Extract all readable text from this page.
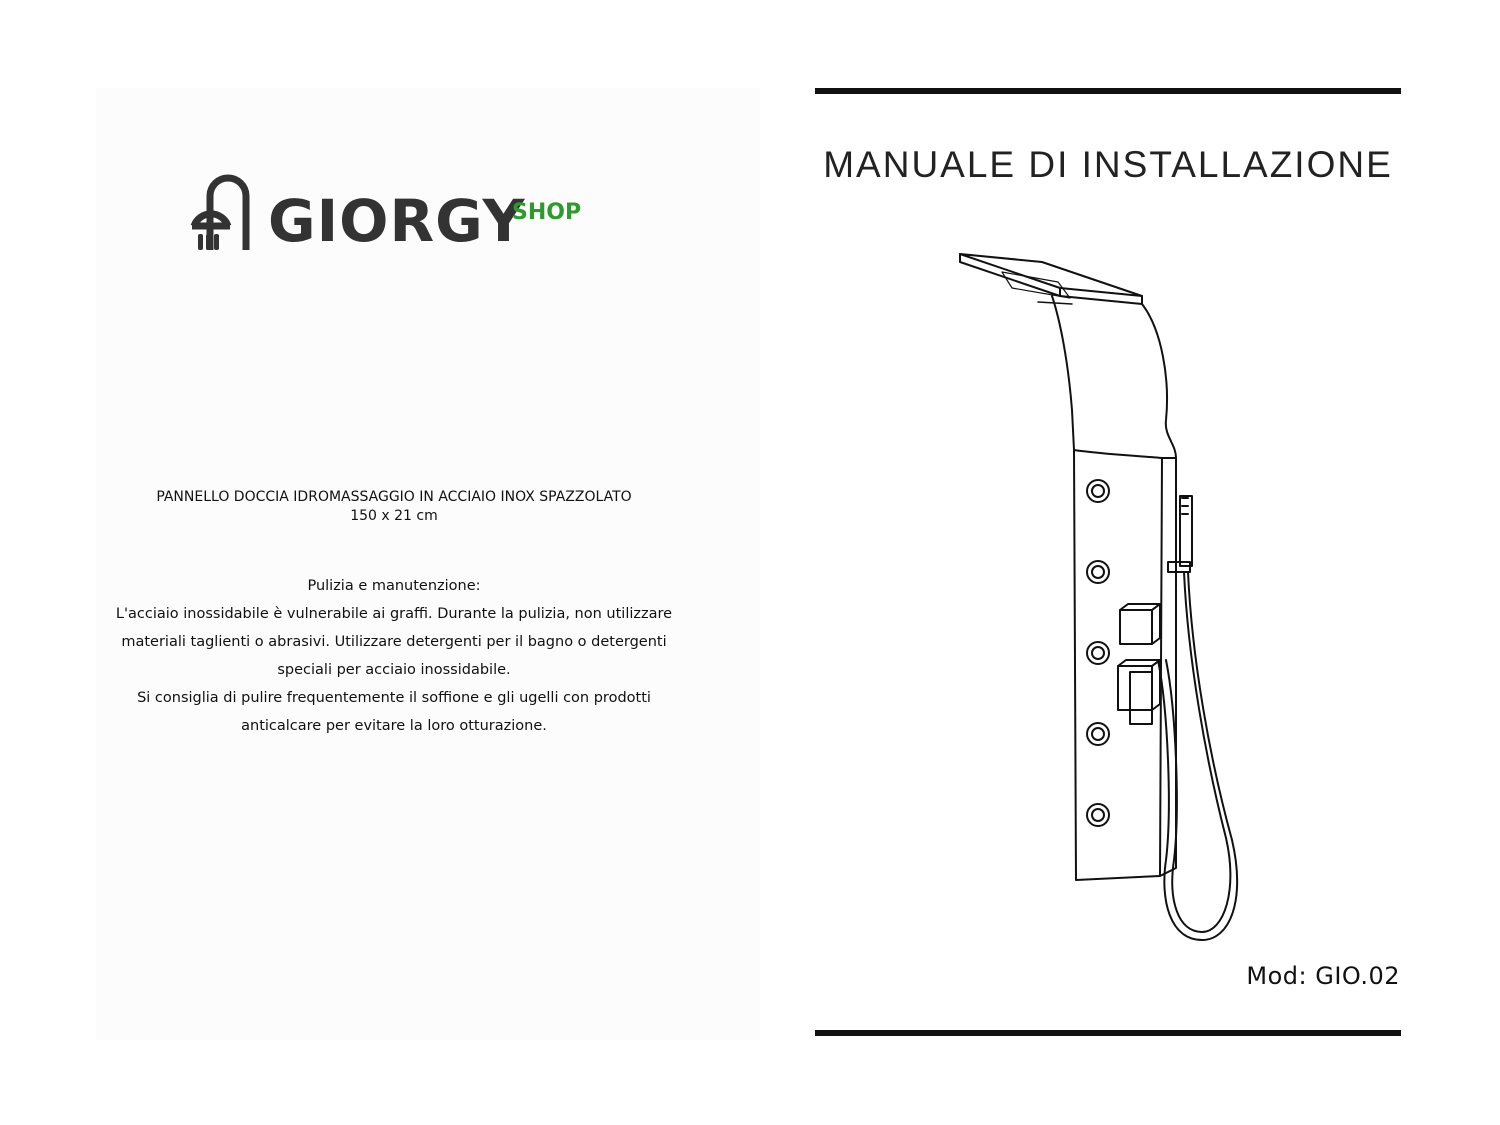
GIORGY
SHOP
PANNELLO DOCCIA IDROMASSAGGIO IN ACCIAIO INOX SPAZZOLATO
150 x 21 cm

Pulizia e manutenzione:

L'acciaio inossidabile è vulnerabile ai graffi. Durante la pulizia, non utilizzare

materiali taglienti o abrasivi. Utilizzare detergenti per il bagno o detergenti

speciali per acciaio inossidabile.

Si consiglia di pulire frequentemente il soffione e gli ugelli con prodotti

anticalcare per evitare la loro otturazione.

MANUALE DI INSTALLAZIONE
Mod: GIO.02
